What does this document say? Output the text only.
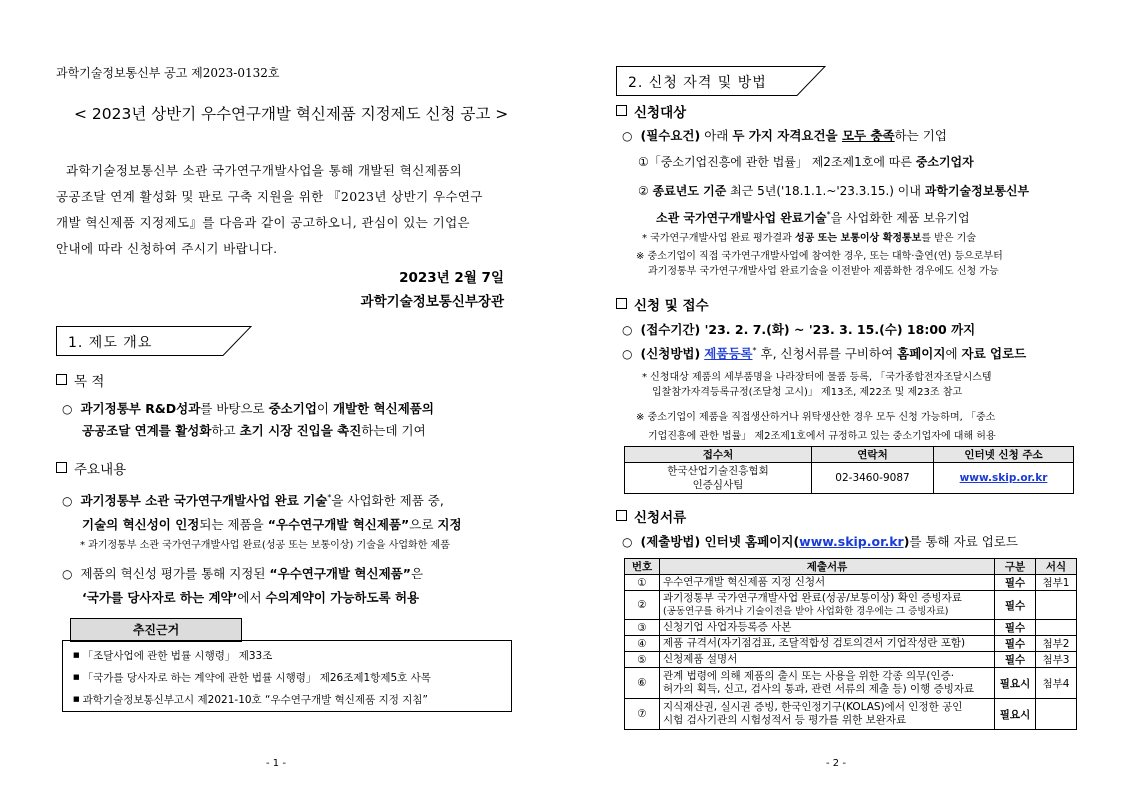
과학기술정보통신부 공고 제2023-0132호
< 2023년 상반기 우수연구개발 혁신제품 지정제도 신청 공고 >
과학기술정보통신부 소관 국가연구개발사업을 통해 개발된 혁신제품의
공공조달 연계 활성화 및 판로 구축 지원을 위한 『2023년 상반기 우수연구
개발 혁신제품 지정제도』를 다음과 같이 공고하오니, 관심이 있는 기업은
안내에 따라 신청하여 주시기 바랍니다.
2023년 2월 7일
과학기술정보통신부장관
1. 제도 개요
목 적
○ 과기정통부 R&D성과를 바탕으로 중소기업이 개발한 혁신제품의
공공조달 연계를 활성화하고 초기 시장 진입을 촉진하는데 기여
주요내용
○ 과기정통부 소관 국가연구개발사업 완료 기술*을 사업화한 제품 중,
기술의 혁신성이 인정되는 제품을 “우수연구개발 혁신제품”으로 지정
* 과기정통부 소관 국가연구개발사업 완료(성공 또는 보통이상) 기술을 사업화한 제품
○ 제품의 혁신성 평가를 통해 지정된 “우수연구개발 혁신제품”은
‘국가를 당사자로 하는 계약’에서 수의계약이 가능하도록 허용
추진근거
■ 「조달사업에 관한 법률 시행령」 제33조
■ 「국가를 당사자로 하는 계약에 관한 법률 시행령」 제26조제1항제5호 사목
■ 과학기술정보통신부고시 제2021-10호 “우수연구개발 혁신제품 지정 지침”
- 1 -
2. 신청 자격 및 방법
신청대상
○ (필수요건) 아래 두 가지 자격요건을 모두 충족하는 기업
①「중소기업진흥에 관한 법률」 제2조제1호에 따른 중소기업자
② 종료년도 기준 최근 5년('18.1.1.~'23.3.15.) 이내 과학기술정보통신부
소관 국가연구개발사업 완료기술*을 사업화한 제품 보유기업
* 국가연구개발사업 완료 평가결과 성공 또는 보통이상 확정통보를 받은 기술
※ 중소기업이 직접 국가연구개발사업에 참여한 경우, 또는 대학·출연(연) 등으로부터
과기정통부 국가연구개발사업 완료기술을 이전받아 제품화한 경우에도 신청 가능
신청 및 접수
○ (접수기간) '23. 2. 7.(화) ~ '23. 3. 15.(수) 18:00 까지
○ (신청방법) 제품등록* 후, 신청서류를 구비하여 홈페이지에 자료 업로드
* 신청대상 제품의 세부품명을 나라장터에 물품 등록, 「국가종합전자조달시스템
입찰참가자격등록규정(조달청 고시)」 제13조, 제22조 및 제23조 참고
※ 중소기업이 제품을 직접생산하거나 위탁생산한 경우 모두 신청 가능하며, 「중소
기업진흥에 관한 법률」 제2조제1호에서 규정하고 있는 중소기업자에 대해 허용
접수처	연락처	인터넷 신청 주소

한국산업기술진흥협회
인증심사팀	02-3460-9087	www.skip.or.kr
신청서류
○ (제출방법) 인터넷 홈페이지(www.skip.or.kr)를 통해 자료 업로드
번호	제출서류	구분	서식
①	우수연구개발 혁신제품 지정 신청서	필수	첨부1
②	과기정통부 국가연구개발사업 완료(성공/보통이상) 확인 증빙자료
(공동연구를 하거나 기술이전을 받아 사업화한 경우에는 그 증빙자료)	필수	
③	신청기업 사업자등록증 사본	필수	
④	제품 규격서(자기점검표, 조달적합성 검토의견서 기업작성란 포함)	필수	첨부2
⑤	신청제품 설명서	필수	첨부3
⑥	관계 법령에 의해 제품의 출시 또는 사용을 위한 각종 의무(인증·
허가의 획득, 신고, 검사의 통과, 관련 서류의 제출 등) 이행 증빙자료	필요시	첨부4
⑦	지식재산권, 실시권 증빙, 한국인정기구(KOLAS)에서 인정한 공인
시험 검사기관의 시험성적서 등 평가를 위한 보완자료	필요시	
- 2 -
